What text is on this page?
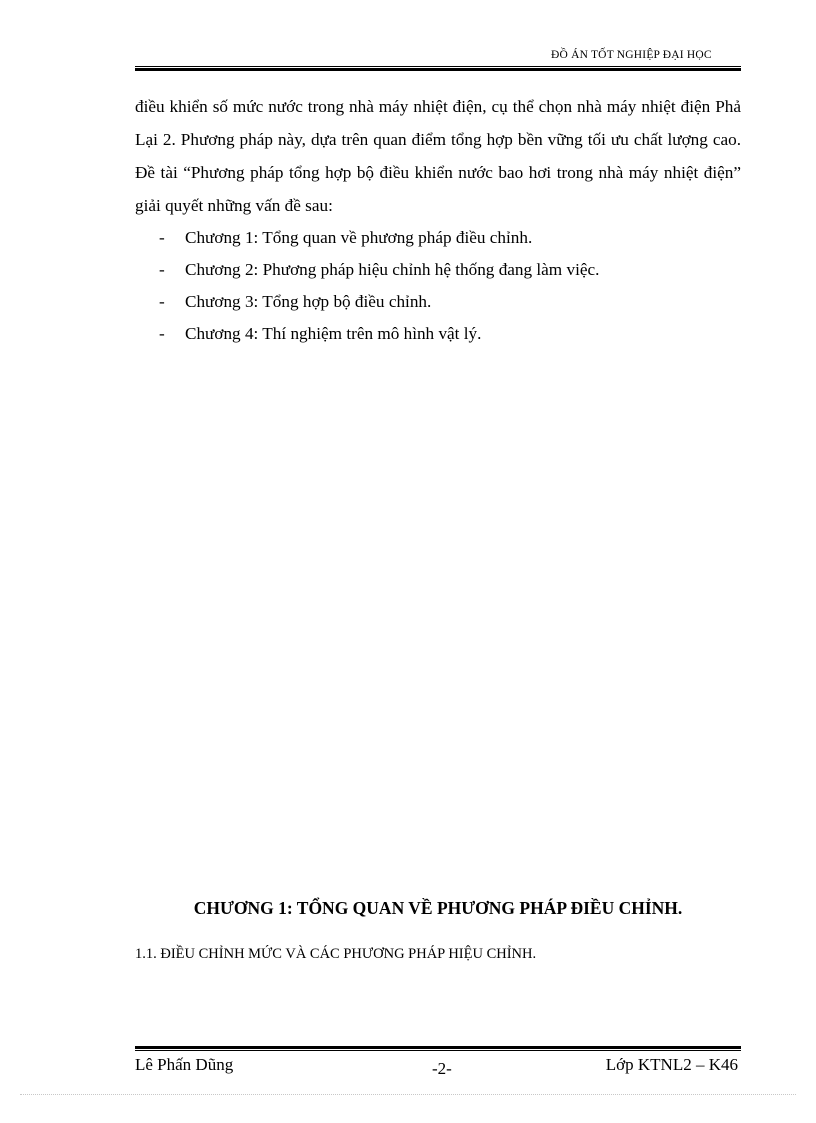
ĐỒ ÁN TỐT NGHIỆP ĐẠI HỌC

điều khiển số mức nước trong nhà máy nhiệt điện, cụ thể chọn nhà máy nhiệt điện Phả Lại 2. Phương pháp này, dựa trên quan điểm tổng hợp bền vững tối ưu chất lượng cao. Đề tài “Phương pháp tổng hợp bộ điều khiển nước bao hơi trong nhà máy nhiệt điện” giải quyết những vấn đề sau:

- Chương 1: Tổng quan về phương pháp điều chỉnh.
- Chương 2: Phương pháp hiệu chỉnh hệ thống đang làm việc.
- Chương 3: Tổng hợp bộ điều chỉnh.
- Chương 4: Thí nghiệm trên mô hình vật lý.
CHƯƠNG 1: TỔNG QUAN VỀ PHƯƠNG PHÁP ĐIỀU CHỈNH.
1.1. ĐIỀU CHỈNH MỨC VÀ CÁC PHƯƠNG PHÁP HIỆU CHỈNH.
Lê Phấn Dũng	-2-	Lớp KTNL2 – K46
